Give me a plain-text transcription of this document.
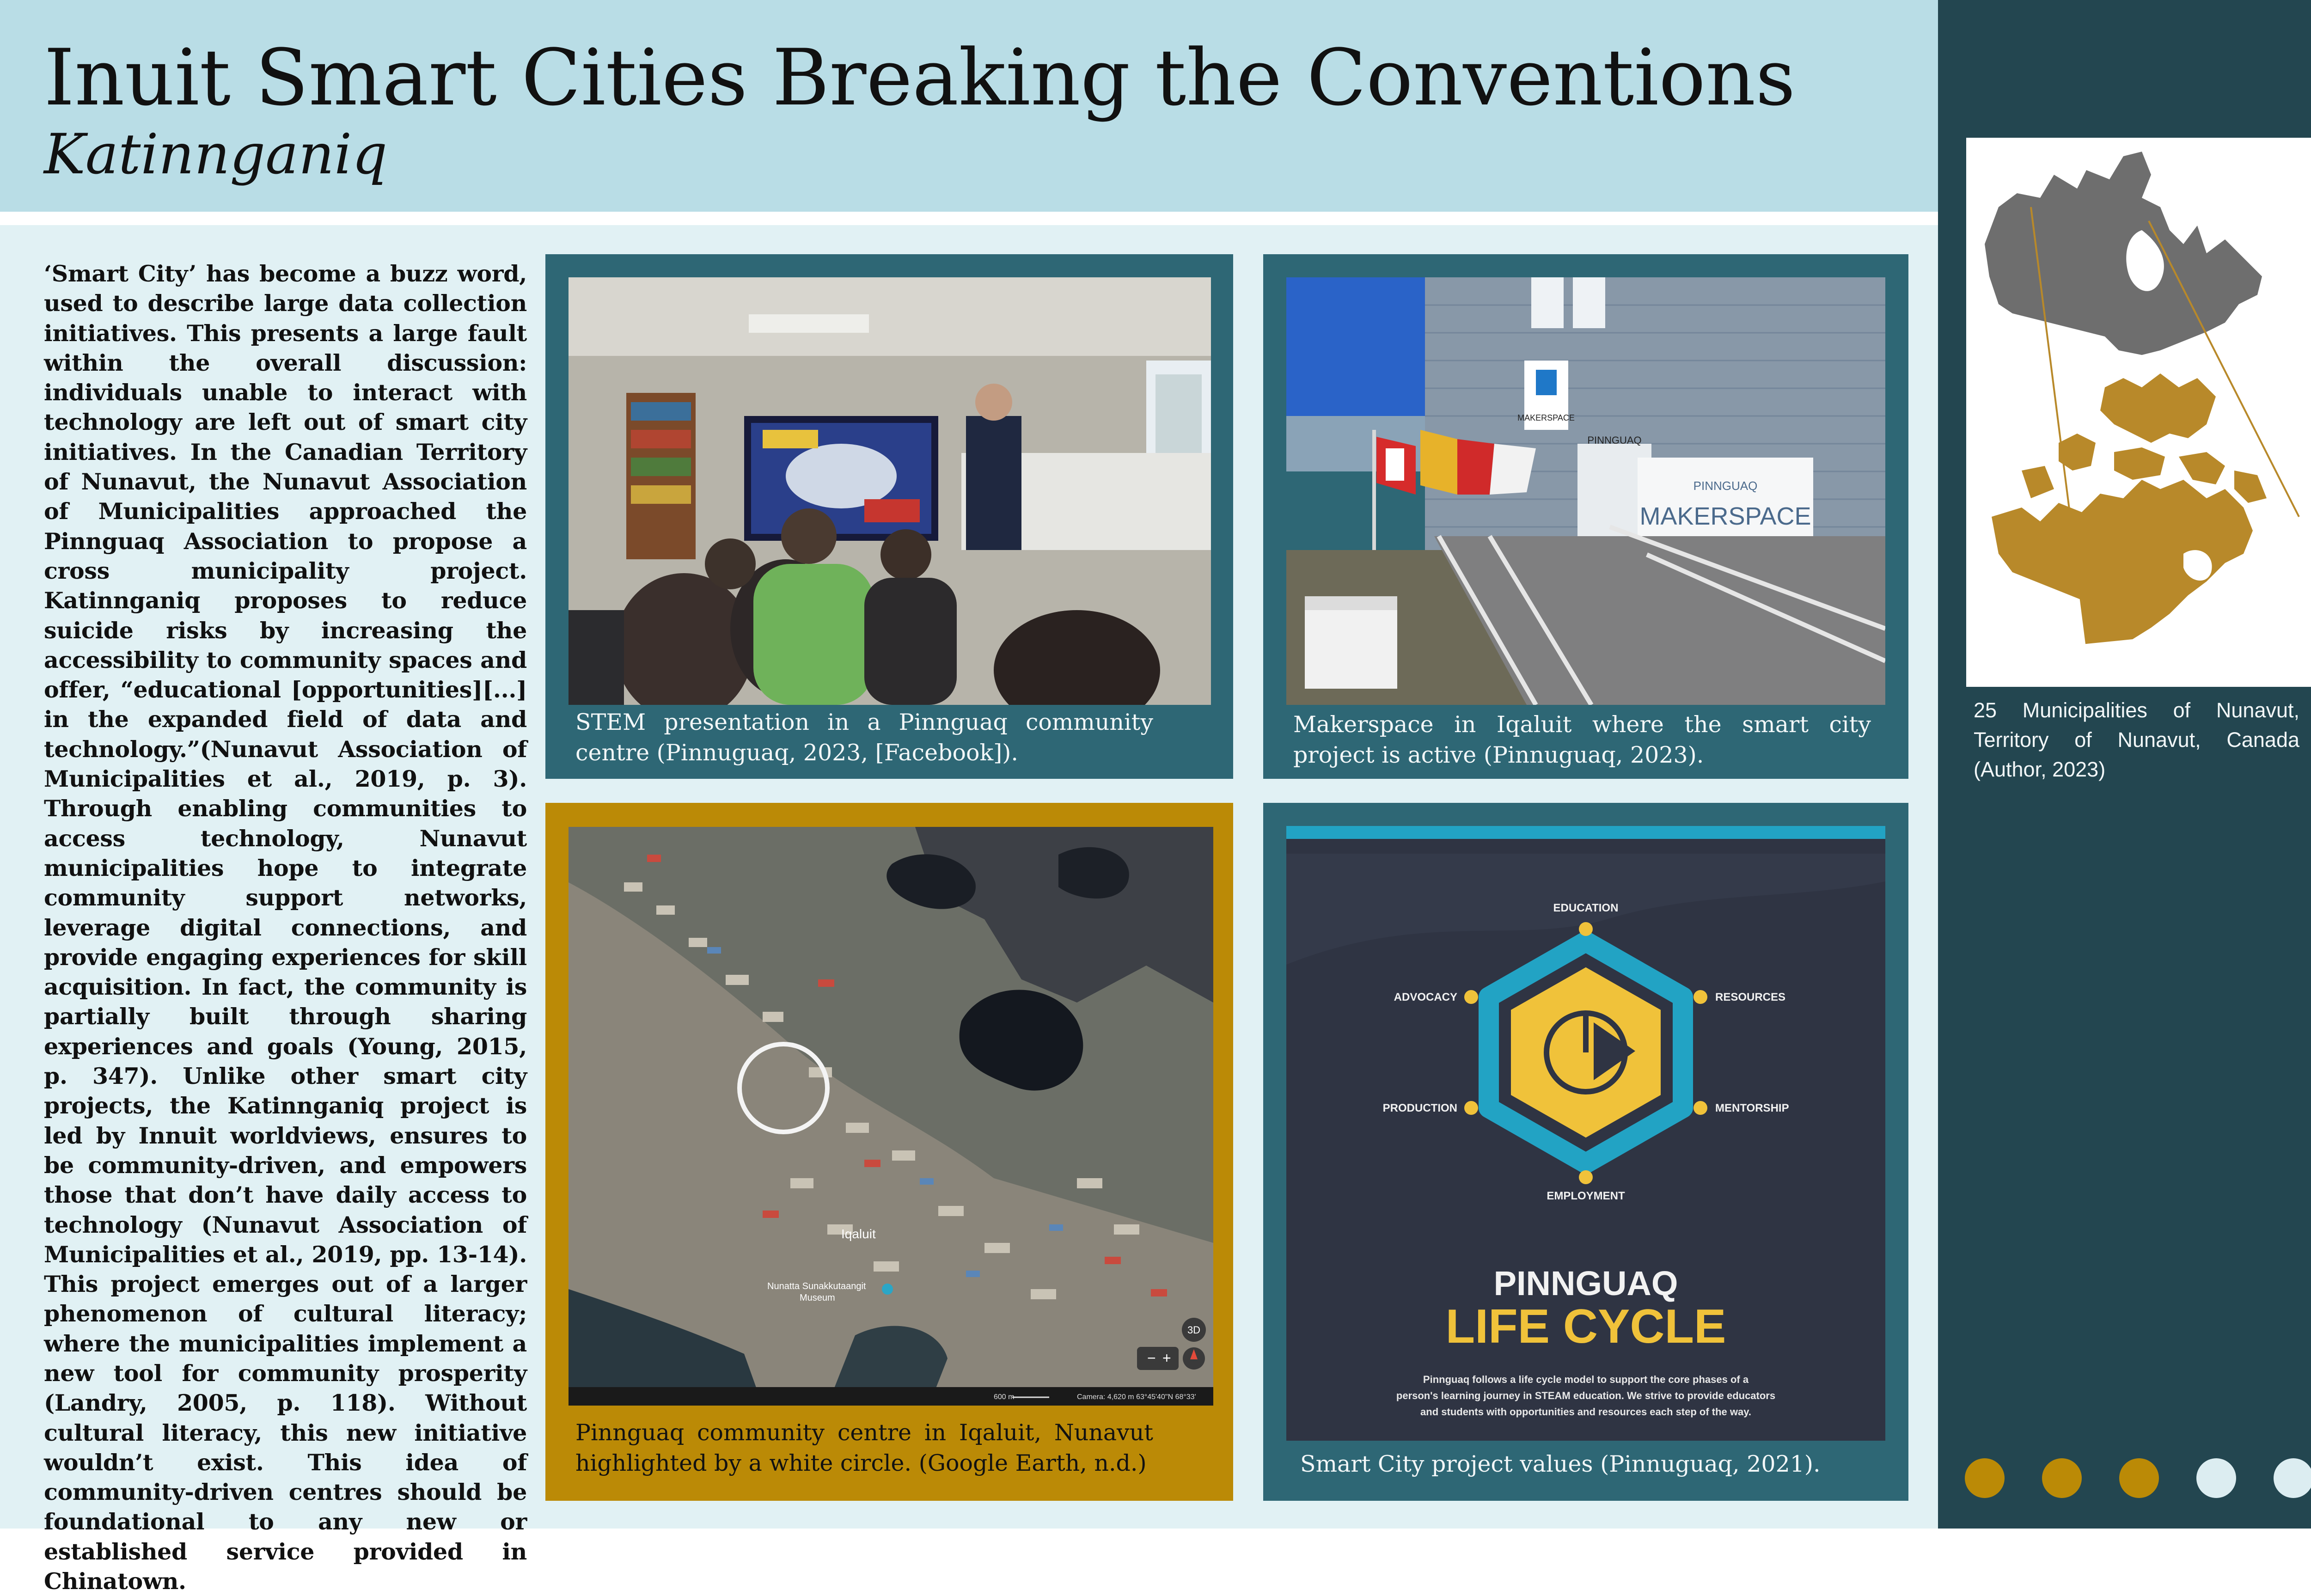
Inuit Smart Cities Breaking the Conventions
Katinnganiq
‘Smart City’ has become a buzz word, used to describe large data collection initiatives. This presents a large fault within the overall discussion: individuals unable to interact with technology are left out of smart city initiatives. In the Canadian Territory of Nunavut, the Nunavut Association of Municipalities approached the Pinnguaq Association to propose a cross municipality project. Katinnganiq proposes to reduce suicide risks by increasing the accessibility to community spaces and offer, “educational [opportunities][...] in the expanded field of data and technology.”(Nunavut Association of Municipalities et al., 2019, p. 3). Through enabling communities to access technology, Nunavut municipalities hope to integrate community support networks, leverage digital connections, and provide engaging experiences for skill acquisition. In fact, the community is partially built through sharing experiences and goals (Young, 2015, p. 347). Unlike other smart city projects, the Katinnganiq project is led by Innuit worldviews, ensures to be community-driven, and empowers those that don’t have daily access to technology (Nunavut Association of Municipalities et al., 2019, pp. 13-14). This project emerges out of a larger phenomenon of cultural literacy; where the municipalities implement a new tool for community prosperity (Landry, 2005, p. 118). Without cultural literacy, this new initiative wouldn’t exist. This idea of community-driven centres should be foundational to any new or established service provided in Chinatown.
STEM presentation in a Pinnguaq community centre (Pinnuguaq, 2023, [Facebook]).
MAKERSPACE
PINNGUAQ
PINNGUAQ
MAKERSPACE
Makerspace in Iqaluit where the smart city project is active (Pinnuguaq, 2023).
Iqaluit
Nunatta Sunakkutaangit
Museum
3D
− +
600 m	Camera: 4,620 m 63°45'40"N 68°33'
Pinnguaq community centre in Iqaluit, Nunavut highlighted by a white circle. (Google Earth, n.d.)
EDUCATION
ADVOCACY	RESOURCES
PRODUCTION	MENTORSHIP
EMPLOYMENT
PINNGUAQ
LIFE CYCLE
Pinnguaq follows a life cycle model to support the core phases of a
person's learning journey in STEAM education. We strive to provide educators
and students with opportunities and resources each step of the way.
Smart City project values (Pinnuguaq, 2021).
25 Municipalities of Nunavut, Territory of Nunavut, Canada (Author, 2023)
